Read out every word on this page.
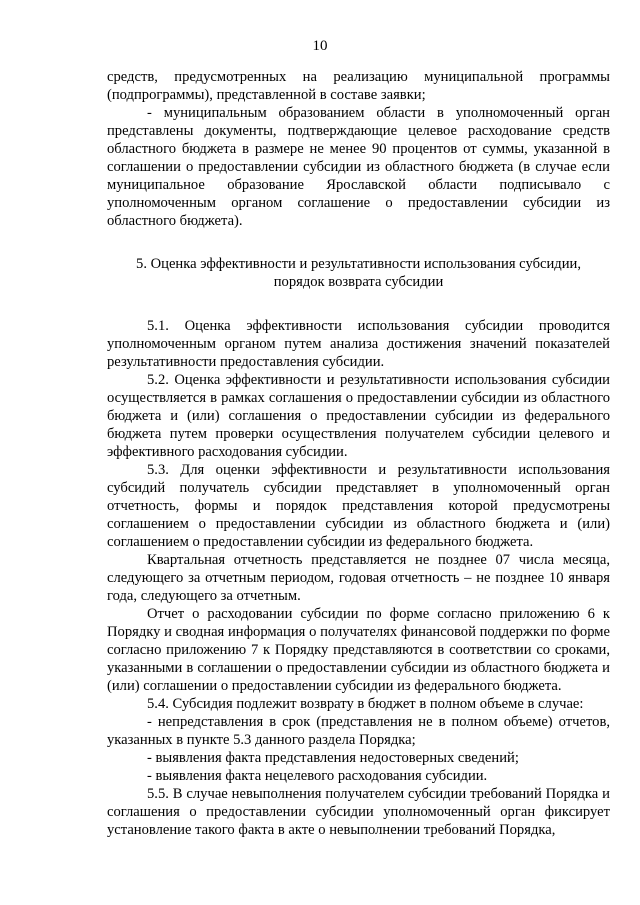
10

средств, предусмотренных на реализацию муниципальной программы (подпрограммы), представленной в составе заявки;

- муниципальным образованием области в уполномоченный орган представлены документы, подтверждающие целевое расходование средств областного бюджета в размере не менее 90 процентов от суммы, указанной в соглашении о предоставлении субсидии из областного бюджета (в случае если муниципальное образование Ярославской области подписывало с уполномоченным органом соглашение о предоставлении субсидии из областного бюджета).

5. Оценка эффективности и результативности использования субсидии,
порядок возврата субсидии

5.1. Оценка эффективности использования субсидии проводится уполномоченным органом путем анализа достижения значений показателей результативности предоставления субсидии.

5.2. Оценка эффективности и результативности использования субсидии осуществляется в рамках соглашения о предоставлении субсидии из областного бюджета и (или) соглашения о предоставлении субсидии из федерального бюджета путем проверки осуществления получателем субсидии целевого и эффективного расходования субсидии.

5.3. Для оценки эффективности и результативности использования субсидий получатель субсидии представляет в уполномоченный орган отчетность, формы и порядок представления которой предусмотрены соглашением о предоставлении субсидии из областного бюджета и (или) соглашением о предоставлении субсидии из федерального бюджета.

Квартальная отчетность представляется не позднее 07 числа месяца, следующего за отчетным периодом, годовая отчетность – не позднее 10 января года, следующего за отчетным.

Отчет о расходовании субсидии по форме согласно приложению 6 к Порядку и сводная информация о получателях финансовой поддержки по форме согласно приложению 7 к Порядку представляются в соответствии со сроками, указанными в соглашении о предоставлении субсидии из областного бюджета и (или) соглашении о предоставлении субсидии из федерального бюджета.

5.4. Субсидия подлежит возврату в бюджет в полном объеме в случае:

- непредставления в срок (представления не в полном объеме) отчетов, указанных в пункте 5.3 данного раздела Порядка;

- выявления факта представления недостоверных сведений;

- выявления факта нецелевого расходования субсидии.

5.5. В случае невыполнения получателем субсидии требований Порядка и соглашения о предоставлении субсидии уполномоченный орган фиксирует установление такого факта в акте о невыполнении требований Порядка,
